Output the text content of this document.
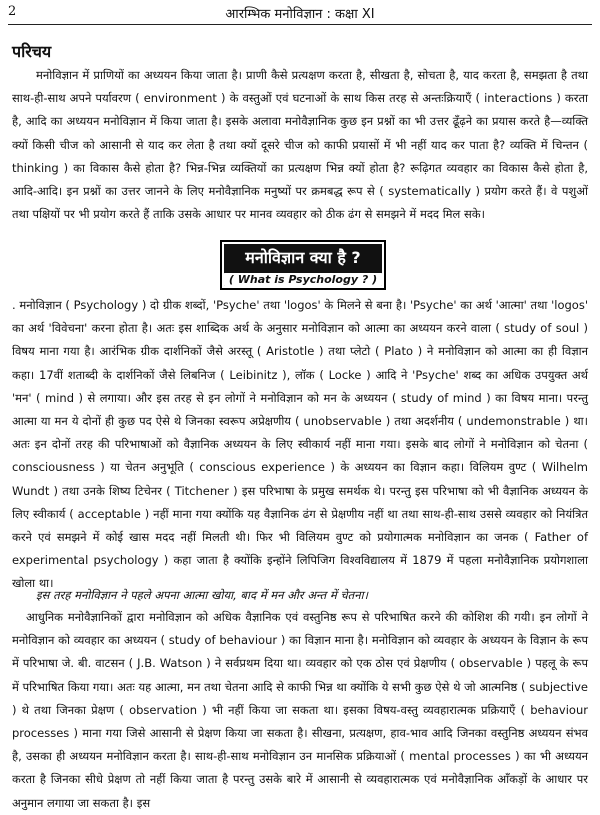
2	आरम्भिक मनोविज्ञान : कक्षा XI
परिचय

मनोविज्ञान में प्राणियों का अध्ययन किया जाता है। प्राणी कैसे प्रत्यक्षण करता है, सीखता है, सोचता है, याद करता है, समझता है तथा साथ-ही-साथ अपने पर्यावरण ( environment ) के वस्तुओं एवं घटनाओं के साथ किस तरह से अन्तःक्रियाएँ ( interactions ) करता है, आदि का अध्ययन मनोविज्ञान में किया जाता है। इसके अलावा मनोवैज्ञानिक कुछ इन प्रश्नों का भी उत्तर ढूँढ़ने का प्रयास करते है—व्यक्ति क्यों किसी चीज को आसानी से याद कर लेता है तथा क्यों दूसरे चीज को काफी प्रयासों में भी नहीं याद कर पाता है? व्यक्ति में चिन्तन ( thinking ) का विकास कैसे होता है? भिन्न-भिन्न व्यक्तियों का प्रत्यक्षण भिन्न क्यों होता है? रूढ़िगत व्यवहार का विकास कैसे होता है, आदि-आदि। इन प्रश्नों का उत्तर जानने के लिए मनोवैज्ञानिक मनुष्यों पर क्रमबद्ध रूप से ( systematically ) प्रयोग करते हैं। वे पशुओं तथा पक्षियों पर भी प्रयोग करते हैं ताकि उसके आधार पर मानव व्यवहार को ठीक ढंग से समझने में मदद मिल सके।

मनोविज्ञान क्या है ?
( What is Psychology ? )

. मनोविज्ञान ( Psychology ) दो ग्रीक शब्दों, 'Psyche' तथा 'logos' के मिलने से बना है। 'Psyche' का अर्थ 'आत्मा' तथा 'logos' का अर्थ 'विवेचना' करना होता है। अतः इस शाब्दिक अर्थ के अनुसार मनोविज्ञान को आत्मा का अध्ययन करने वाला ( study of soul ) विषय माना गया है। आरंभिक ग्रीक दार्शनिकों जैसे अरस्तू ( Aristotle ) तथा प्लेटो ( Plato ) ने मनोविज्ञान को आत्मा का ही विज्ञान कहा। 17वीं शताब्दी के दार्शनिकों जैसे लिबनिज ( Leibinitz ), लॉक ( Locke ) आदि ने 'Psyche' शब्द का अधिक उपयुक्त अर्थ 'मन' ( mind ) से लगाया। और इस तरह से इन लोगों ने मनोविज्ञान को मन के अध्ययन ( study of mind ) का विषय माना। परन्तु आत्मा या मन ये दोनों ही कुछ पद ऐसे थे जिनका स्वरूप अप्रेक्षणीय ( unobservable ) तथा अदर्शनीय ( undemonstrable ) था। अतः इन दोनों तरह की परिभाषाओं को वैज्ञानिक अध्ययन के लिए स्वीकार्य नहीं माना गया। इसके बाद लोगों ने मनोविज्ञान को चेतना ( consciousness ) या चेतन अनुभूति ( conscious experience ) के अध्ययन का विज्ञान कहा। विलियम वुण्ट ( Wilhelm Wundt ) तथा उनके शिष्य टिचेनर ( Titchener ) इस परिभाषा के प्रमुख समर्थक थे। परन्तु इस परिभाषा को भी वैज्ञानिक अध्ययन के लिए स्वीकार्य ( acceptable ) नहीं माना गया क्योंकि यह वैज्ञानिक ढंग से प्रेक्षणीय नहीं था तथा साथ-ही-साथ उससे व्यवहार को नियंत्रित करने एवं समझने में कोई खास मदद नहीं मिलती थी। फिर भी विलियम वुण्ट को प्रयोगात्मक मनोविज्ञान का जनक ( Father of experimental psychology ) कहा जाता है क्योंकि इन्होंने लिपिजिग विश्वविद्यालय में 1879 में पहला मनोवैज्ञानिक प्रयोगशाला खोला था।

इस तरह मनोविज्ञान ने पहले अपना आत्मा खोया, बाद में मन और अन्त में चेतना।

आधुनिक मनोवैज्ञानिकों द्वारा मनोविज्ञान को अधिक वैज्ञानिक एवं वस्तुनिष्ठ रूप से परिभाषित करने की कोशिश की गयी। इन लोगों ने मनोविज्ञान को व्यवहार का अध्ययन ( study of behaviour ) का विज्ञान माना है। मनोविज्ञान को व्यवहार के अध्ययन के विज्ञान के रूप में परिभाषा जे. बी. वाटसन ( J.B. Watson ) ने सर्वप्रथम दिया था। व्यवहार को एक ठोस एवं प्रेक्षणीय ( observable ) पहलू के रूप में परिभाषित किया गया। अतः यह आत्मा, मन तथा चेतना आदि से काफी भिन्न था क्योंकि ये सभी कुछ ऐसे थे जो आत्मनिष्ठ ( subjective ) थे तथा जिनका प्रेक्षण ( observation ) भी नहीं किया जा सकता था। इसका विषय-वस्तु व्यवहारात्मक प्रक्रियाएँ ( behaviour processes ) माना गया जिसे आसानी से प्रेक्षण किया जा सकता है। सीखना, प्रत्यक्षण, हाव-भाव आदि जिनका वस्तुनिष्ठ अध्ययन संभव है, उसका ही अध्ययन मनोविज्ञान करता है। साथ-ही-साथ मनोविज्ञान उन मानसिक प्रक्रियाओं ( mental processes ) का भी अध्ययन करता है जिनका सीधे प्रेक्षण तो नहीं किया जाता है परन्तु उसके बारे में आसानी से व्यवहारात्मक एवं मनोवैज्ञानिक आँकड़ों के आधार पर अनुमान लगाया जा सकता है। इस
